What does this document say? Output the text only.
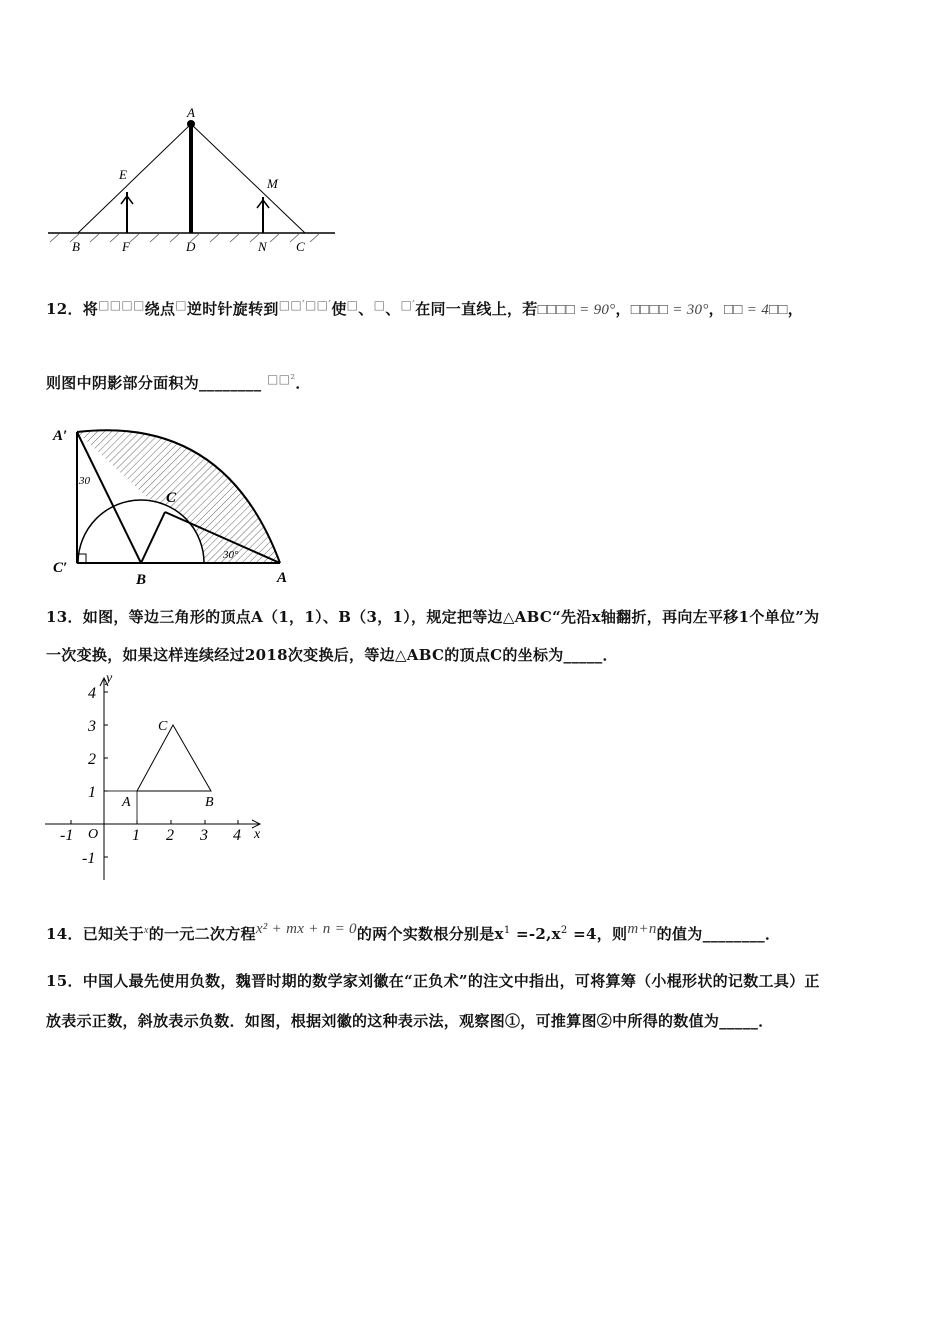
A
E
M
B	F	D	N C
12．将□□□□绕点□逆时针旋转到□□′□□′使□、□、□′在同一直线上，若□□□□ = 90°，□□□□ = 30°，□□ = 4□□，
则图中阴影部分面积为________ $^{□□^2}$．
A′
C′
B
C
A
30
30°
13．如图，等边三角形的顶点A（1，1）、B（3，1），规定把等边△ABC“先沿x轴翻折，再向左平移1个单位”为
一次变换，如果这样连续经过2018次变换后，等边△ABC的顶点C的坐标为_____．
y
x
O
-1	1 2 3 4
4
3
2
1
-1
A	B
C
14．已知关于$^x$的一元二次方程x² + mx + n = 0的两个实数根分别是$x^1 =-2,x^2 =4$，则m+n的值为________．
15．中国人最先使用负数，魏晋时期的数学家刘徽在“正负术”的注文中指出，可将算筹（小棍形状的记数工具）正
放表示正数，斜放表示负数．如图，根据刘徽的这种表示法，观察图①，可推算图②中所得的数值为_____．
